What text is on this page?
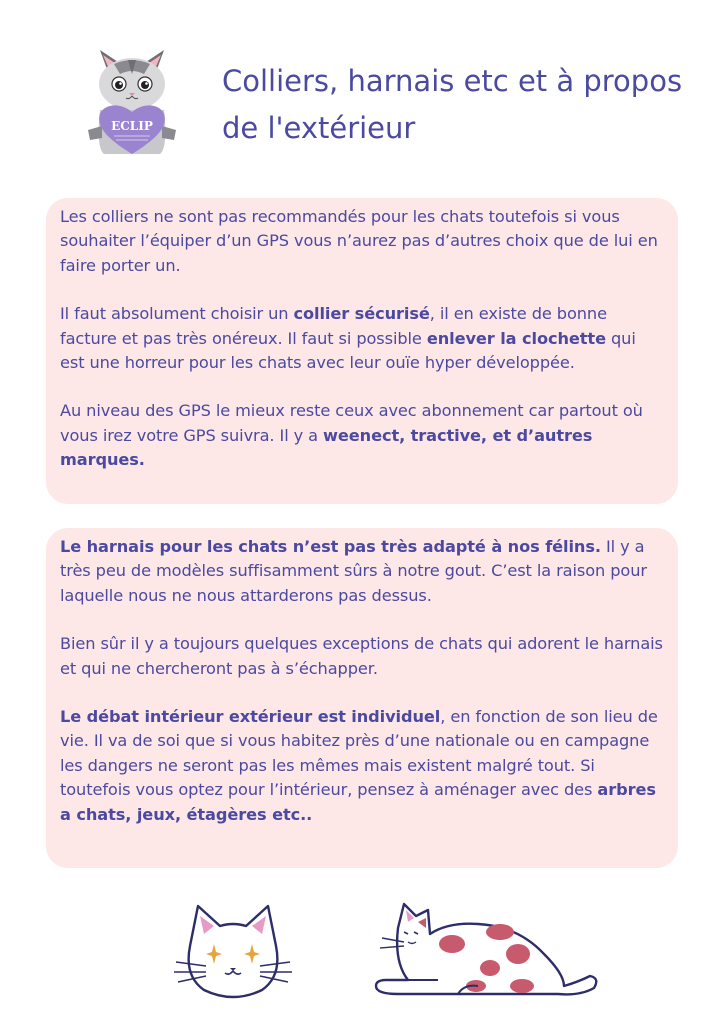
ECLIP
Colliers, harnais etc et à propos de l'extérieur

Les colliers ne sont pas recommandés pour les chats toutefois si vous souhaiter l’équiper d’un GPS vous n’aurez pas d’autres choix que de lui en faire porter un.

Il faut absolument choisir un collier sécurisé, il en existe de bonne facture et pas très onéreux. Il faut si possible enlever la clochette qui est une horreur pour les chats avec leur ouïe hyper développée.

Au niveau des GPS le mieux reste ceux avec abonnement car partout où vous irez votre GPS suivra. Il y a weenect, tractive, et d’autres marques.

Le harnais pour les chats n’est pas très adapté à nos félins. Il y a très peu de modèles suffisamment sûrs à notre gout. C’est la raison pour laquelle nous ne nous attarderons pas dessus.

Bien sûr il y a toujours quelques exceptions de chats qui adorent le harnais et qui ne chercheront pas à s’échapper.

Le débat intérieur extérieur est individuel, en fonction de son lieu de vie. Il va de soi que si vous habitez près d’une nationale ou en campagne les dangers ne seront pas les mêmes mais existent malgré tout. Si toutefois vous optez pour l’intérieur, pensez à aménager avec des arbres a chats, jeux, étagères etc..
